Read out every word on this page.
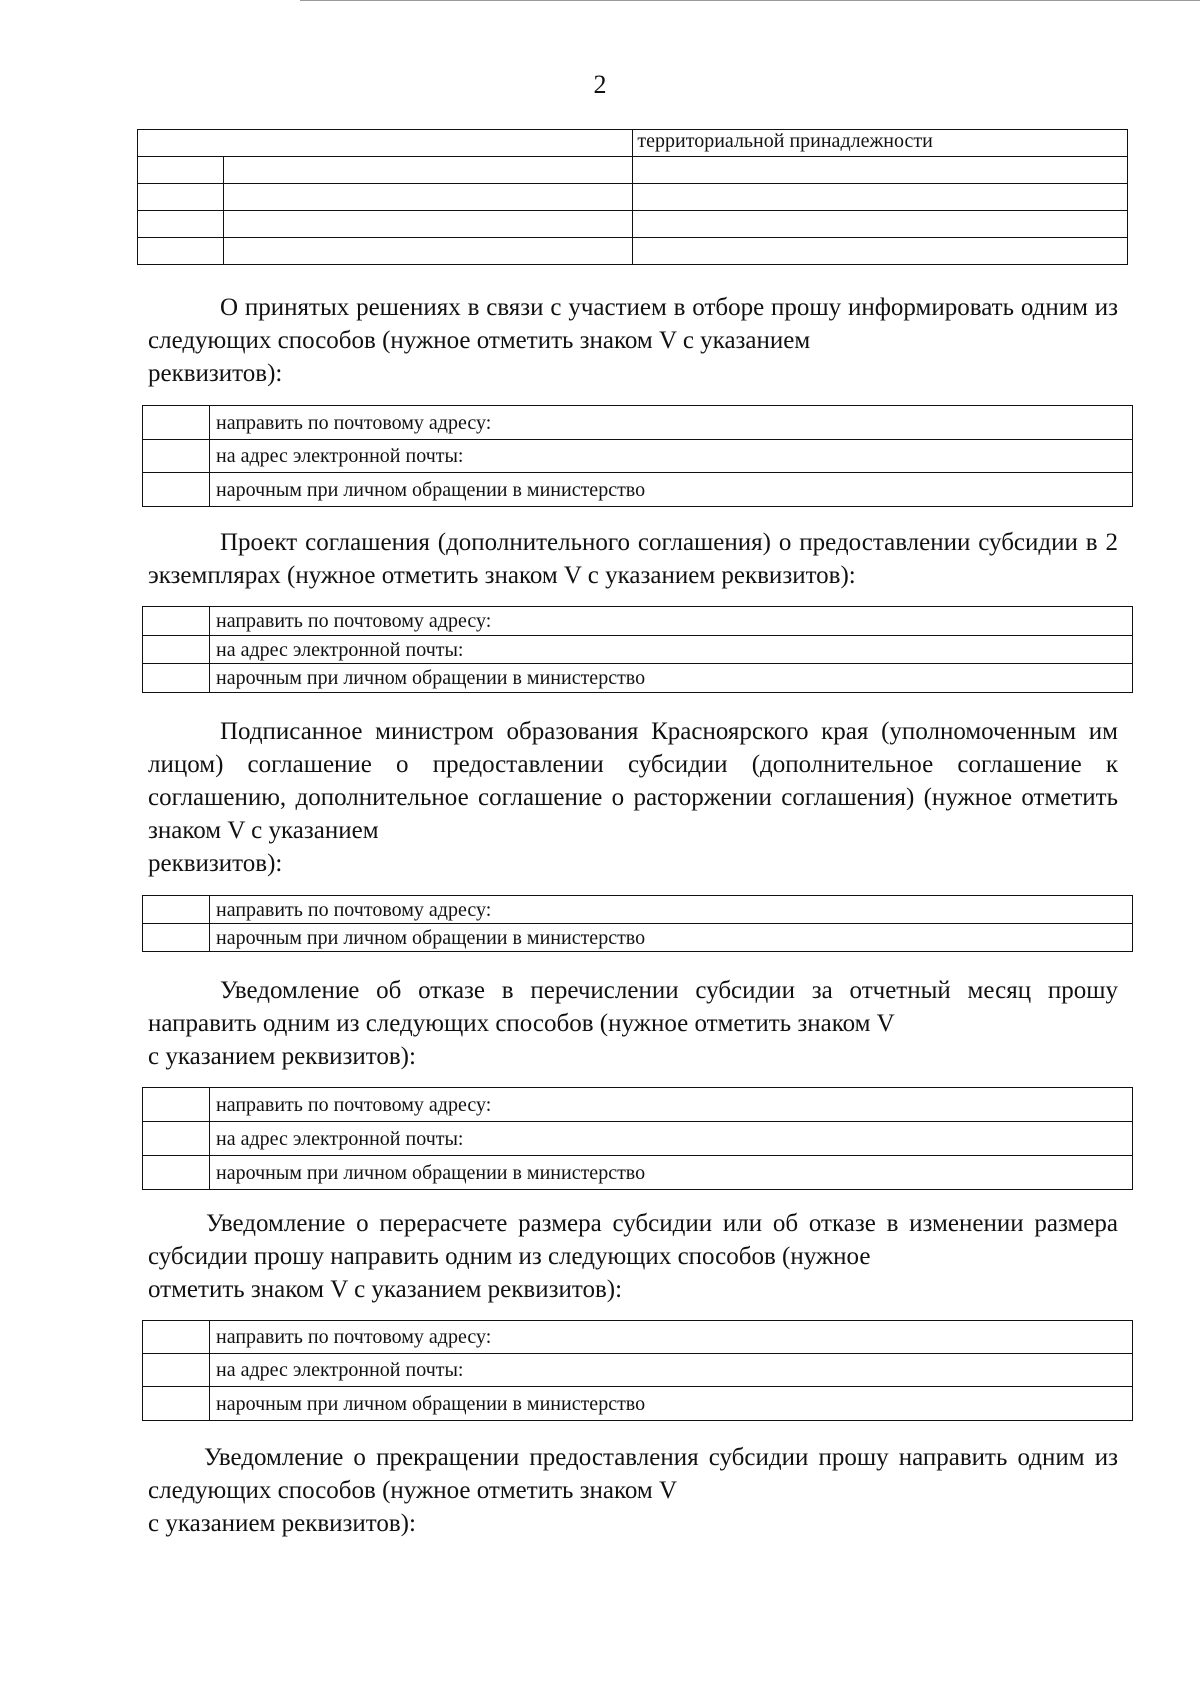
2
		территориальной принадлежности

О принятых решениях в связи с участием в отборе прошу информировать одним из следующих способов (нужное отметить знаком V с указанием
реквизитов):

	направить по почтовому адресу:
	на адрес электронной почты:
	нарочным при личном обращении в министерство

Проект соглашения (дополнительного соглашения) о предоставлении субсидии в 2 экземплярах (нужное отметить знаком V с указанием реквизитов):

	направить по почтовому адресу:
	на адрес электронной почты:
	нарочным при личном обращении в министерство

Подписанное министром образования Красноярского края (уполномоченным им лицом) соглашение о предоставлении субсидии (дополнительное соглашение к соглашению, дополнительное соглашение о расторжении соглашения) (нужное отметить знаком V с указанием
реквизитов):

	направить по почтовому адресу:
	нарочным при личном обращении в министерство

Уведомление об отказе в перечислении субсидии за отчетный месяц прошу направить одним из следующих способов (нужное отметить знаком V
с указанием реквизитов):

	направить по почтовому адресу:
	на адрес электронной почты:
	нарочным при личном обращении в министерство

Уведомление о перерасчете размера субсидии или об отказе в изменении размера субсидии прошу направить одним из следующих способов (нужное
отметить знаком V с указанием реквизитов):

	направить по почтовому адресу:
	на адрес электронной почты:
	нарочным при личном обращении в министерство

Уведомление о прекращении предоставления субсидии прошу направить одним из следующих способов (нужное отметить знаком V
с указанием реквизитов):
